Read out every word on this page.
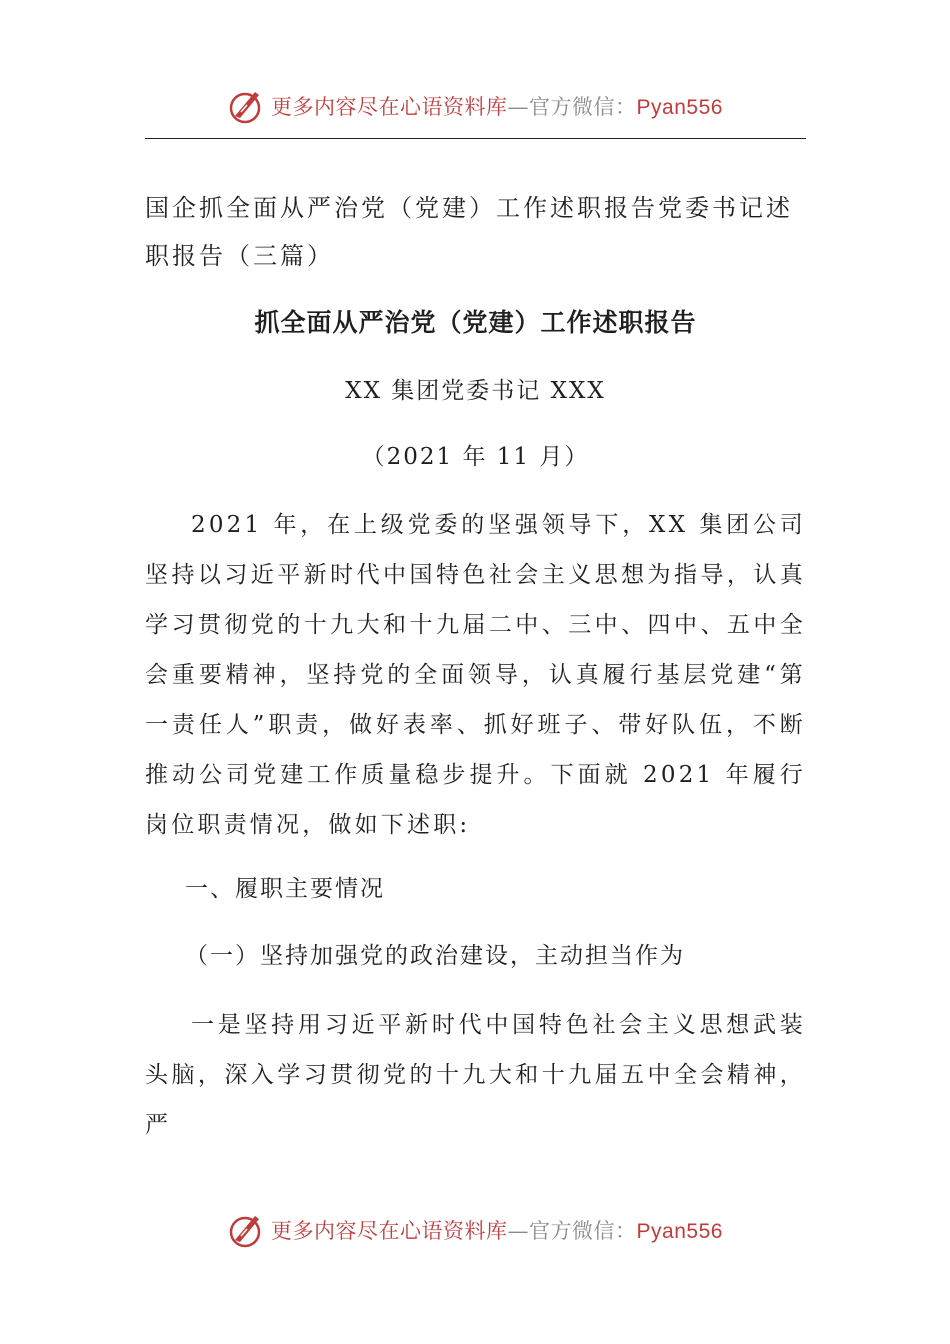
更多内容尽在心语资料库—官方微信：Pyan556
国企抓全面从严治党（党建）工作述职报告党委书记述职报告（三篇）
抓全面从严治党（党建）工作述职报告
XX 集团党委书记 XXX
（2021 年 11 月）

2021 年，在上级党委的坚强领导下，XX 集团公司坚持以习近平新时代中国特色社会主义思想为指导，认真学习贯彻党的十九大和十九届二中、三中、四中、五中全会重要精神，坚持党的全面领导，认真履行基层党建“第一责任人”职责，做好表率、抓好班子、带好队伍，不断推动公司党建工作质量稳步提升。下面就 2021 年履行岗位职责情况，做如下述职:

一、履职主要情况
（一）坚持加强党的政治建设，主动担当作为

一是坚持用习近平新时代中国特色社会主义思想武装头脑，深入学习贯彻党的十九大和十九届五中全会精神，严

更多内容尽在心语资料库—官方微信：Pyan556
